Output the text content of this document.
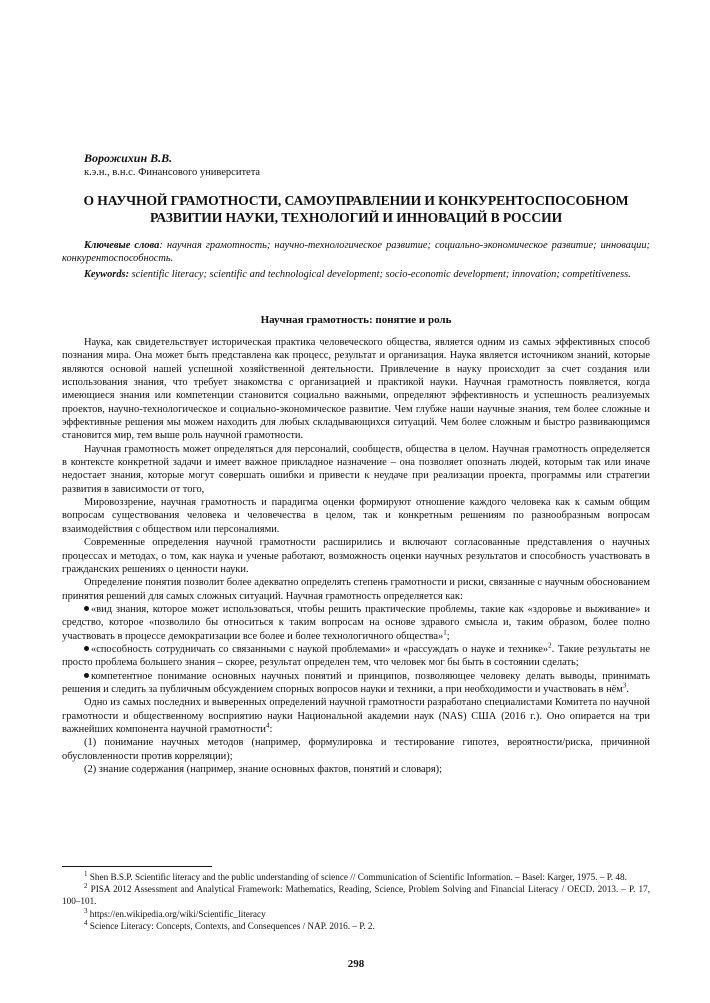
Ворожихин В.В.
к.э.н., в.н.с. Финансового университета
О НАУЧНОЙ ГРАМОТНОСТИ, САМОУПРАВЛЕНИИ И КОНКУРЕНТОСПОСОБНОМ
РАЗВИТИИ НАУКИ, ТЕХНОЛОГИЙ И ИННОВАЦИЙ В РОССИИ
Ключевые слова: научная грамотность; научно-технологическое развитие; социально-экономическое развитие; инновации; конкурентоспособность.
Keywords: scientific literacy; scientific and technological development; socio-economic development; innovation; competitiveness.
Научная грамотность: понятие и роль

Наука, как свидетельствует историческая практика человеческого общества, является одним из самых эффективных способ познания мира. Она может быть представлена как процесс, результат и организация. Наука является источником знаний, которые являются основой нашей успешной хозяйственной деятельности. Привлечение в науку происходит за счет создания или использования знания, что требует знакомства с организацией и практикой науки. Научная грамотность появляется, когда имеющиеся знания или компетенции становится социально важными, определяют эффективность и успешность реализуемых проектов, научно-технологическое и социально-экономическое развитие. Чем глубже наши научные знания, тем более сложные и эффективные решения мы можем находить для любых складывающихся ситуаций. Чем более сложным и быстро развивающимся становится мир, тем выше роль научной грамотности.

Научная грамотность может определяться для персоналий, сообществ, общества в целом. Научная грамотность определяется в контексте конкретной задачи и имеет важное прикладное назначение – она позволяет опознать людей, которым так или иначе недостает знания, которые могут совершать ошибки и привести к неудаче при реализации проекта, программы или стратегии развития в зависимости от того,

Мировоззрение, научная грамотность и парадигма оценки формируют отношение каждого человека как к самым общим вопросам существования человека и человечества в целом, так и конкретным решениям по разнообразным вопросам взаимодействия с обществом или персоналиями.

Современные определения научной грамотности расширились и включают согласованные представления о научных процессах и методах, о том, как наука и ученые работают, возможность оценки научных результатов и способность участвовать в гражданских решениях о ценности науки.

Определение понятия позволит более адекватно определять степень грамотности и риски, связанные с научным обоснованием принятия решений для самых сложных ситуаций. Научная грамотность определяется как:

«вид знания, которое может использоваться, чтобы решить практические проблемы, такие как «здоровье и выживание» и средство, которое «позволило бы относиться к таким вопросам на основе здравого смысла и, таким образом, более полно участвовать в процессе демократизации все более и более технологичного общества»$^1$;

«способность сотрудничать со связанными с наукой проблемами» и «рассуждать о науке и технике»$^2$. Такие результаты не просто проблема большего знания – скорее, результат определен тем, что человек мог бы быть в состоянии сделать;

компетентное понимание основных научных понятий и принципов, позволяющее человеку делать выводы, принимать решения и следить за публичным обсуждением спорных вопросов науки и техники, а при необходимости и участвовать в нём$^3$.

Одно из самых последних и выверенных определений научной грамотности разработано специалистами Комитета по научной грамотности и общественному восприятию науки Национальной академии наук (NAS) США (2016 г.). Оно опирается на три важнейших компонента научной грамотности$^4$:

(1) понимание научных методов (например, формулировка и тестирование гипотез, вероятности/риска, причинной обусловленности против корреляции);

(2) знание содержания (например, знание основных фактов, понятий и словаря);

$^1$ Shen B.S.P. Scientific literacy and the public understanding of science // Communication of Scientific Information. – Basel: Karger, 1975. – P. 48.

$^2$ PISA 2012 Assessment and Analytical Framework: Mathematics, Reading, Science, Problem Solving and Financial Literacy / OECD. 2013. – P. 17, 100–101.

$^3$ https://en.wikipedia.org/wiki/Scientific_literacy

$^4$ Science Literacy: Concepts, Contexts, and Consequences / NAP. 2016. – P. 2.

298
